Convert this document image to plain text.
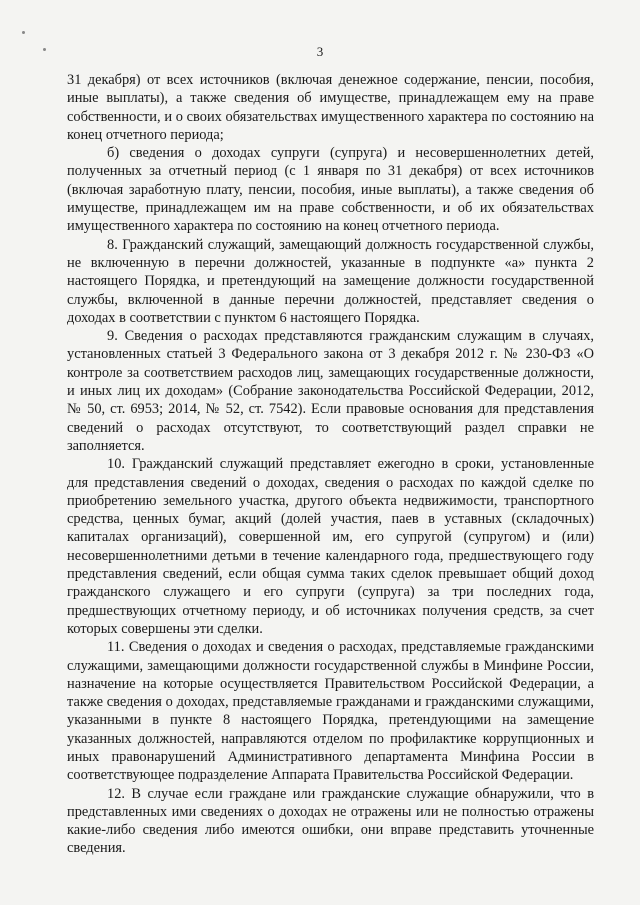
3

31 декабря) от всех источников (включая денежное содержание, пенсии, пособия, иные выплаты), а также сведения об имуществе, принадлежащем ему на праве собственности, и о своих обязательствах имущественного характера по состоянию на конец отчетного периода;

б) сведения о доходах супруги (супруга) и несовершеннолетних детей, полученных за отчетный период (с 1 января по 31 декабря) от всех источников (включая заработную плату, пенсии, пособия, иные выплаты), а также сведения об имуществе, принадлежащем им на праве собственности, и об их обязательствах имущественного характера по состоянию на конец отчетного периода.

8. Гражданский служащий, замещающий должность государственной службы, не включенную в перечни должностей, указанные в подпункте «а» пункта 2 настоящего Порядка, и претендующий на замещение должности государственной службы, включенной в данные перечни должностей, представляет сведения о доходах в соответствии с пунктом 6 настоящего Порядка.

9. Сведения о расходах представляются гражданским служащим в случаях, установленных статьей 3 Федерального закона от 3 декабря 2012 г. № 230-ФЗ «О контроле за соответствием расходов лиц, замещающих государственные должности, и иных лиц их доходам» (Собрание законодательства Российской Федерации, 2012, № 50, ст. 6953; 2014, № 52, ст. 7542). Если правовые основания для представления сведений о расходах отсутствуют, то соответствующий раздел справки не заполняется.

10. Гражданский служащий представляет ежегодно в сроки, установленные для представления сведений о доходах, сведения о расходах по каждой сделке по приобретению земельного участка, другого объекта недвижимости, транспортного средства, ценных бумаг, акций (долей участия, паев в уставных (складочных) капиталах организаций), совершенной им, его супругой (супругом) и (или) несовершеннолетними детьми в течение календарного года, предшествующего году представления сведений, если общая сумма таких сделок превышает общий доход гражданского служащего и его супруги (супруга) за три последних года, предшествующих отчетному периоду, и об источниках получения средств, за счет которых совершены эти сделки.

11. Сведения о доходах и сведения о расходах, представляемые гражданскими служащими, замещающими должности государственной службы в Минфине России, назначение на которые осуществляется Правительством Российской Федерации, а также сведения о доходах, представляемые гражданами и гражданскими служащими, указанными в пункте 8 настоящего Порядка, претендующими на замещение указанных должностей, направляются отделом по профилактике коррупционных и иных правонарушений Административного департамента Минфина России в соответствующее подразделение Аппарата Правительства Российской Федерации.

12. В случае если граждане или гражданские служащие обнаружили, что в представленных ими сведениях о доходах не отражены или не полностью отражены какие-либо сведения либо имеются ошибки, они вправе представить уточненные сведения.
